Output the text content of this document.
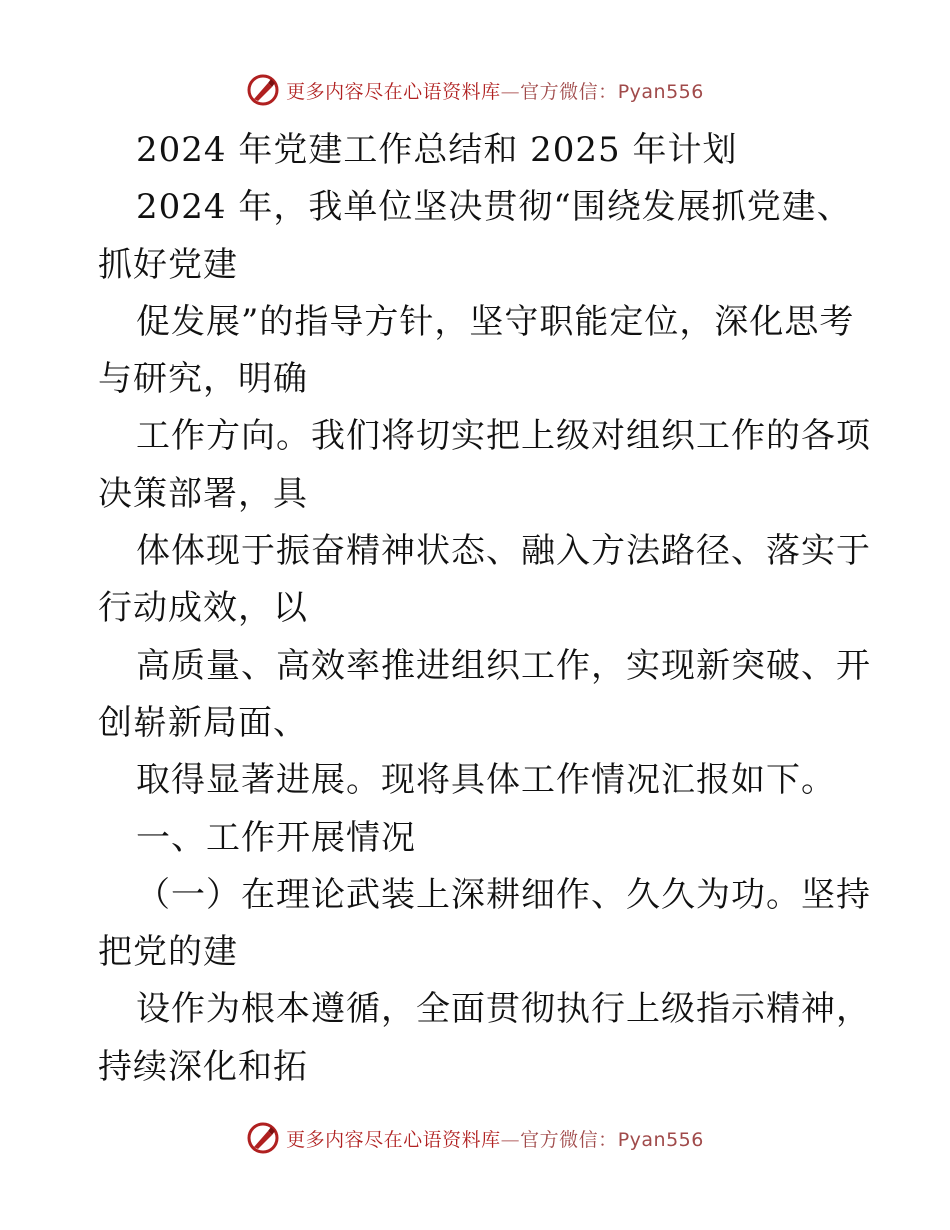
更多内容尽在心语资料库—官方微信：Pyan556
2024 年党建工作总结和 2025 年计划
2024 年，我单位坚决贯彻“围绕发展抓党建、
抓好党建
促发展”的指导方针，坚守职能定位，深化思考
与研究，明确
工作方向。我们将切实把上级对组织工作的各项
决策部署，具
体体现于振奋精神状态、融入方法路径、落实于
行动成效，以
高质量、高效率推进组织工作，实现新突破、开
创崭新局面、
取得显著进展。现将具体工作情况汇报如下。
一、工作开展情况
（一）在理论武装上深耕细作、久久为功。坚持
把党的建
设作为根本遵循，全面贯彻执行上级指示精神，
持续深化和拓
更多内容尽在心语资料库—官方微信：Pyan556
